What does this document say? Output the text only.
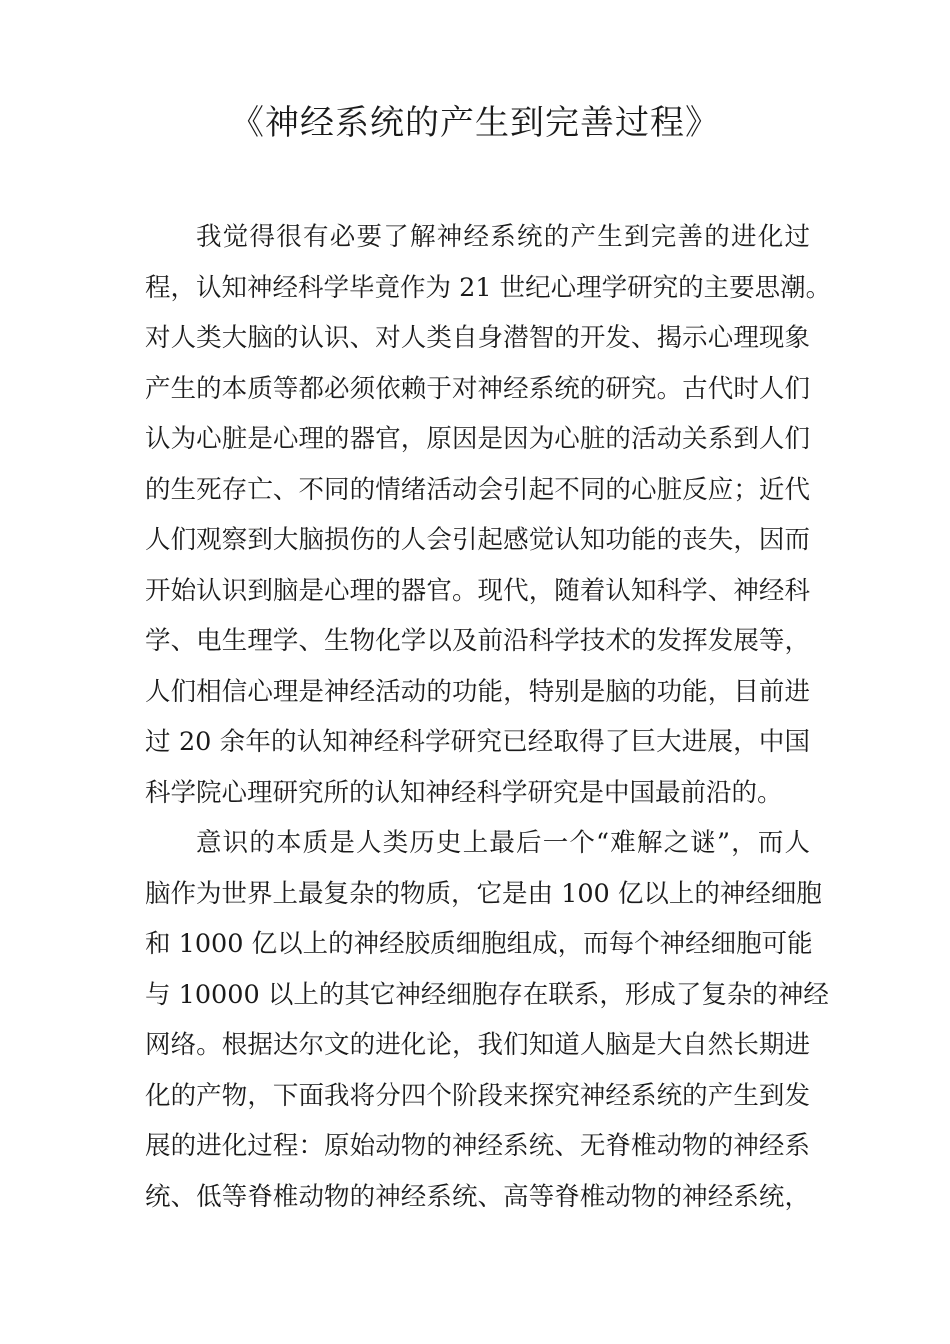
《神经系统的产生到完善过程》
我觉得很有必要了解神经系统的产生到完善的进化过
程，认知神经科学毕竟作为 21 世纪心理学研究的主要思潮。
对人类大脑的认识、对人类自身潜智的开发、揭示心理现象
产生的本质等都必须依赖于对神经系统的研究。古代时人们
认为心脏是心理的器官，原因是因为心脏的活动关系到人们
的生死存亡、不同的情绪活动会引起不同的心脏反应；近代
人们观察到大脑损伤的人会引起感觉认知功能的丧失，因而
开始认识到脑是心理的器官。现代，随着认知科学、神经科
学、电生理学、生物化学以及前沿科学技术的发挥发展等，
人们相信心理是神经活动的功能，特别是脑的功能，目前进
过 20 余年的认知神经科学研究已经取得了巨大进展，中国
科学院心理研究所的认知神经科学研究是中国最前沿的。
意识的本质是人类历史上最后一个“难解之谜”，而人
脑作为世界上最复杂的物质，它是由 100 亿以上的神经细胞
和 1000 亿以上的神经胶质细胞组成，而每个神经细胞可能
与 10000 以上的其它神经细胞存在联系，形成了复杂的神经
网络。根据达尔文的进化论，我们知道人脑是大自然长期进
化的产物，下面我将分四个阶段来探究神经系统的产生到发
展的进化过程：原始动物的神经系统、无脊椎动物的神经系
统、低等脊椎动物的神经系统、高等脊椎动物的神经系统，
